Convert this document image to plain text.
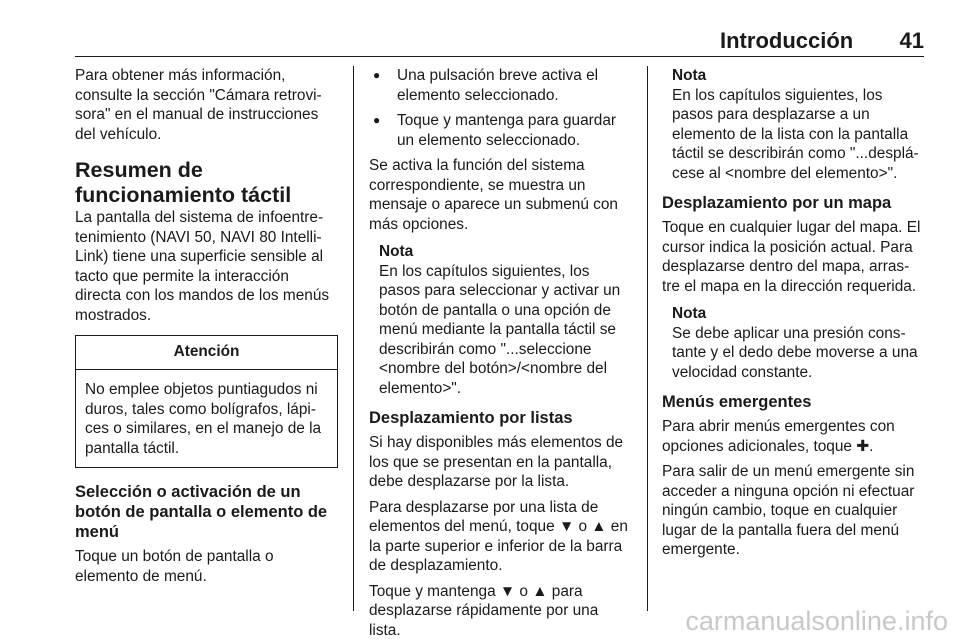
Introducción 41

Para obtener más información, consulte la sección "Cámara retrovi-sora" en el manual de instrucciones del vehículo.

Resumen de funcionamiento táctil

La pantalla del sistema de infoentre-tenimiento (NAVI 50, NAVI 80 Intelli-Link) tiene una superficie sensible al tacto que permite la interacción directa con los mandos de los menús mostrados.

Atención
No emplee objetos puntiagudos ni duros, tales como bolígrafos, lápi-ces o similares, en el manejo de la pantalla táctil.
Selección o activación de un botón de pantalla o elemento de menú

Toque un botón de pantalla o elemento de menú.

● Una pulsación breve activa el elemento seleccionado.
● Toque y mantenga para guardar un elemento seleccionado.

Se activa la función del sistema correspondiente, se muestra un mensaje o aparece un submenú con más opciones.

Nota

En los capítulos siguientes, los pasos para seleccionar y activar un botón de pantalla o una opción de menú mediante la pantalla táctil se describirán como "...seleccione <nombre del botón>/<nombre del elemento>".

Desplazamiento por listas

Si hay disponibles más elementos de los que se presentan en la pantalla, debe desplazarse por la lista.

Para desplazarse por una lista de elementos del menú, toque ▼ o ▲ en la parte superior e inferior de la barra de desplazamiento.

Toque y mantenga ▼ o ▲ para desplazarse rápidamente por una lista.

Nota

En los capítulos siguientes, los pasos para desplazarse a un elemento de la lista con la pantalla táctil se describirán como "...desplá-cese al <nombre del elemento>".

Desplazamiento por un mapa

Toque en cualquier lugar del mapa. El cursor indica la posición actual. Para desplazarse dentro del mapa, arras-tre el mapa en la dirección requerida.

Nota

Se debe aplicar una presión cons-tante y el dedo debe moverse a una velocidad constante.

Menús emergentes

Para abrir menús emergentes con opciones adicionales, toque ✚.

Para salir de un menú emergente sin acceder a ninguna opción ni efectuar ningún cambio, toque en cualquier lugar de la pantalla fuera del menú emergente.

carmanualsonline.info
